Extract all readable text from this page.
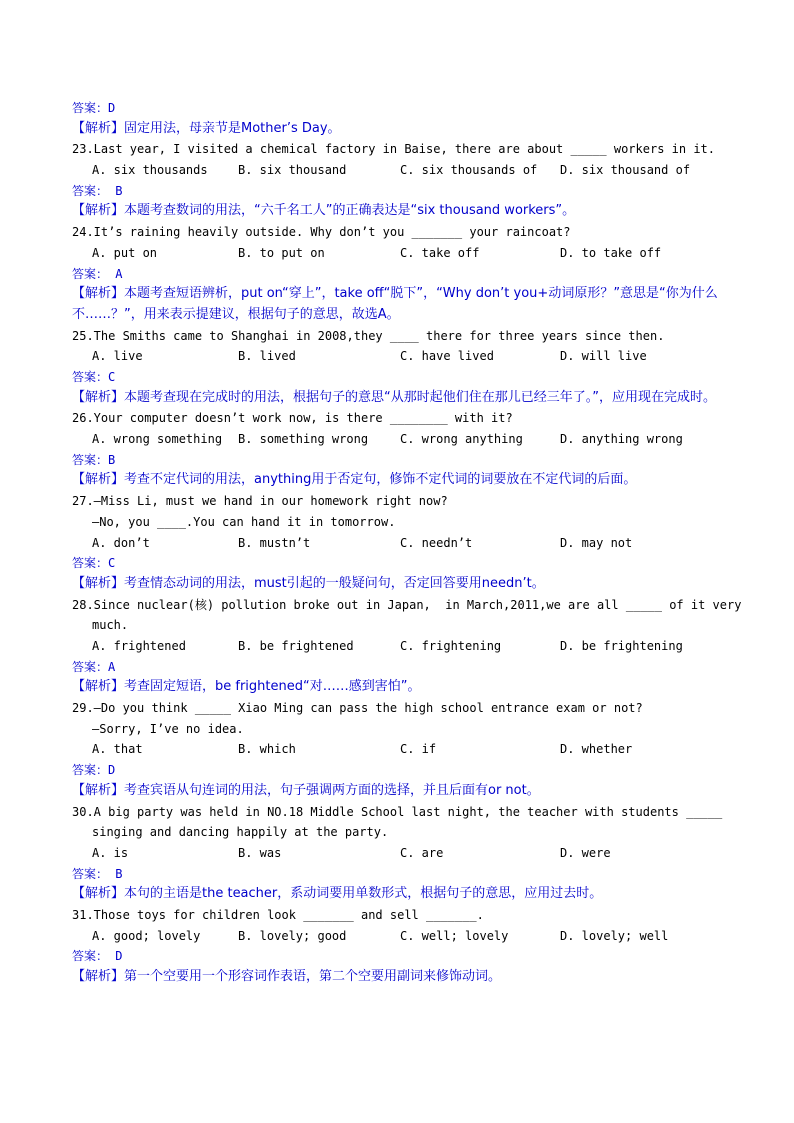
答案：D
【解析】固定用法，母亲节是Mother’s Day。
23.Last year, I visited a chemical factory in Baise, there are about _____ workers in it.
A. six thousands	B. six thousand	C. six thousands of D. six thousand of
答案： B
【解析】本题考查数词的用法，“六千名工人”的正确表达是“six thousand workers”。
24.It’s raining heavily outside. Why don’t you _______ your raincoat?
A. put on	B. to put on	C. take off	D. to take off
答案： A
【解析】本题考查短语辨析，put on“穿上”，take off“脱下”，“Why don’t you+动词原形？”意思是“你为什么不……？”，用来表示提建议，根据句子的意思，故选A。
25.The Smiths came to Shanghai in 2008,they ____ there for three years since then.
A. live	B. lived	C. have lived	D. will live
答案：C
【解析】本题考查现在完成时的用法，根据句子的意思“从那时起他们住在那儿已经三年了。”，应用现在完成时。
26.Your computer doesn’t work now, is there ________ with it?
A. wrong something B. something wrong	C. wrong anything	D. anything wrong
答案：B
【解析】考查不定代词的用法，anything用于否定句，修饰不定代词的词要放在不定代词的后面。
27.—Miss Li, must we hand in our homework right now?
—No, you ____.You can hand it in tomorrow.
A. don’t	B. mustn’t	C. needn’t	D. may not
答案：C
【解析】考查情态动词的用法，must引起的一般疑问句，否定回答要用needn’t。
28.Since nuclear(核) pollution broke out in Japan,  in March,2011,we are all _____ of it very
much.
A. frightened	B. be frightened	C. frightening	D. be frightening
答案：A
【解析】考查固定短语，be frightened“对……感到害怕”。
29.—Do you think _____ Xiao Ming can pass the high school entrance exam or not?
—Sorry, I’ve no idea.
A. that	B. which	C. if	D. whether
答案：D
【解析】考查宾语从句连词的用法，句子强调两方面的选择，并且后面有or not。
30.A big party was held in NO.18 Middle School last night, the teacher with students _____
singing and dancing happily at the party.
A. is	B. was	C. are	D. were
答案： B
【解析】本句的主语是the teacher，系动词要用单数形式，根据句子的意思，应用过去时。
31.Those toys for children look _______ and sell _______.
A. good; lovely	B. lovely; good	C. well; lovely	D. lovely; well
答案： D
【解析】第一个空要用一个形容词作表语，第二个空要用副词来修饰动词。
